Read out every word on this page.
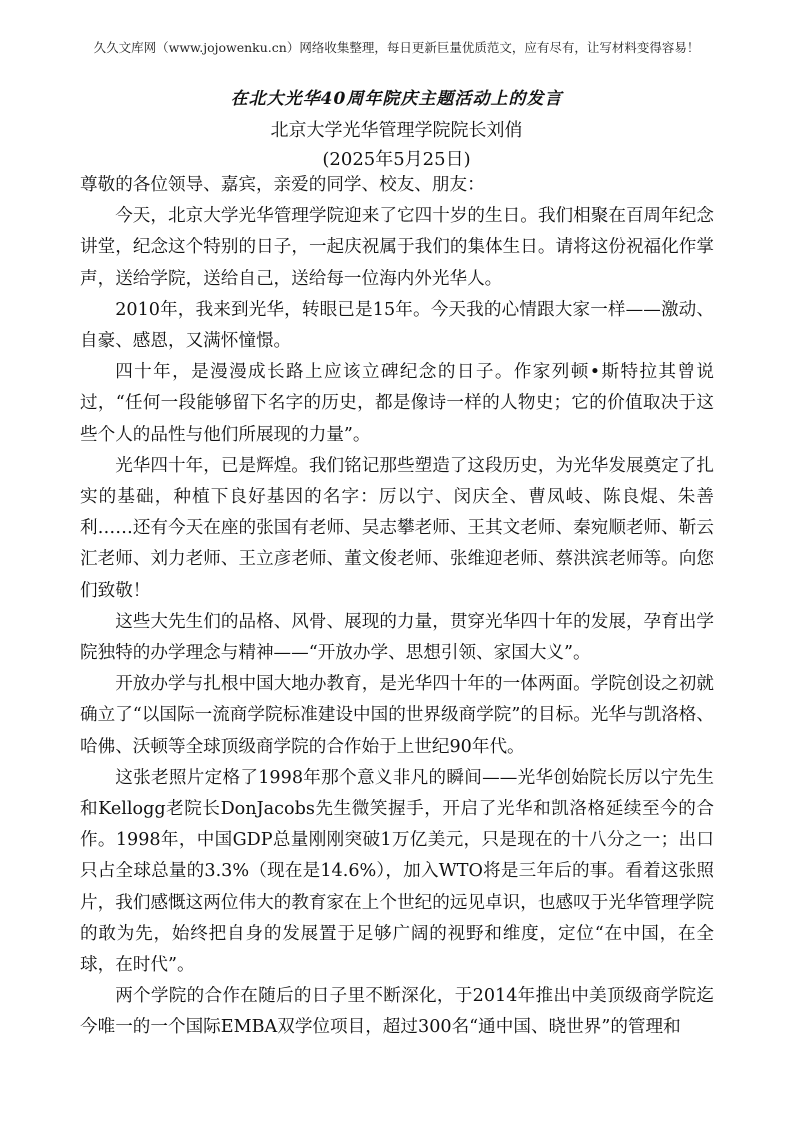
久久文库网（www.jojowenku.cn）网络收集整理，每日更新巨量优质范文，应有尽有，让写材料变得容易！
在北大光华40周年院庆主题活动上的发言
北京大学光华管理学院院长刘俏
(2025年5月25日)

尊敬的各位领导、嘉宾，亲爱的同学、校友、朋友：

今天，北京大学光华管理学院迎来了它四十岁的生日。我们相聚在百周年纪念讲堂，纪念这个特别的日子，一起庆祝属于我们的集体生日。请将这份祝福化作掌声，送给学院，送给自己，送给每一位海内外光华人。

2010年，我来到光华，转眼已是15年。今天我的心情跟大家一样——激动、自豪、感恩，又满怀憧憬。

四十年，是漫漫成长路上应该立碑纪念的日子。作家列顿•斯特拉其曾说过，“任何一段能够留下名字的历史，都是像诗一样的人物史；它的价值取决于这些个人的品性与他们所展现的力量”。

光华四十年，已是辉煌。我们铭记那些塑造了这段历史，为光华发展奠定了扎实的基础，种植下良好基因的名字：厉以宁、闵庆全、曹凤岐、陈良焜、朱善利……还有今天在座的张国有老师、吴志攀老师、王其文老师、秦宛顺老师、靳云汇老师、刘力老师、王立彦老师、董文俊老师、张维迎老师、蔡洪滨老师等。向您们致敬！

这些大先生们的品格、风骨、展现的力量，贯穿光华四十年的发展，孕育出学院独特的办学理念与精神——“开放办学、思想引领、家国大义”。

开放办学与扎根中国大地办教育，是光华四十年的一体两面。学院创设之初就确立了“以国际一流商学院标准建设中国的世界级商学院”的目标。光华与凯洛格、哈佛、沃顿等全球顶级商学院的合作始于上世纪90年代。

这张老照片定格了1998年那个意义非凡的瞬间——光华创始院长厉以宁先生和Kellogg老院长DonJacobs先生微笑握手，开启了光华和凯洛格延续至今的合作。1998年，中国GDP总量刚刚突破1万亿美元，只是现在的十八分之一；出口只占全球总量的3.3%（现在是14.6%），加入WTO将是三年后的事。看着这张照片，我们感慨这两位伟大的教育家在上个世纪的远见卓识，也感叹于光华管理学院的敢为先，始终把自身的发展置于足够广阔的视野和维度，定位“在中国，在全球，在时代”。

两个学院的合作在随后的日子里不断深化，于2014年推出中美顶级商学院迄今唯一的一个国际EMBA双学位项目，超过300名“通中国、晓世界”的管理和
